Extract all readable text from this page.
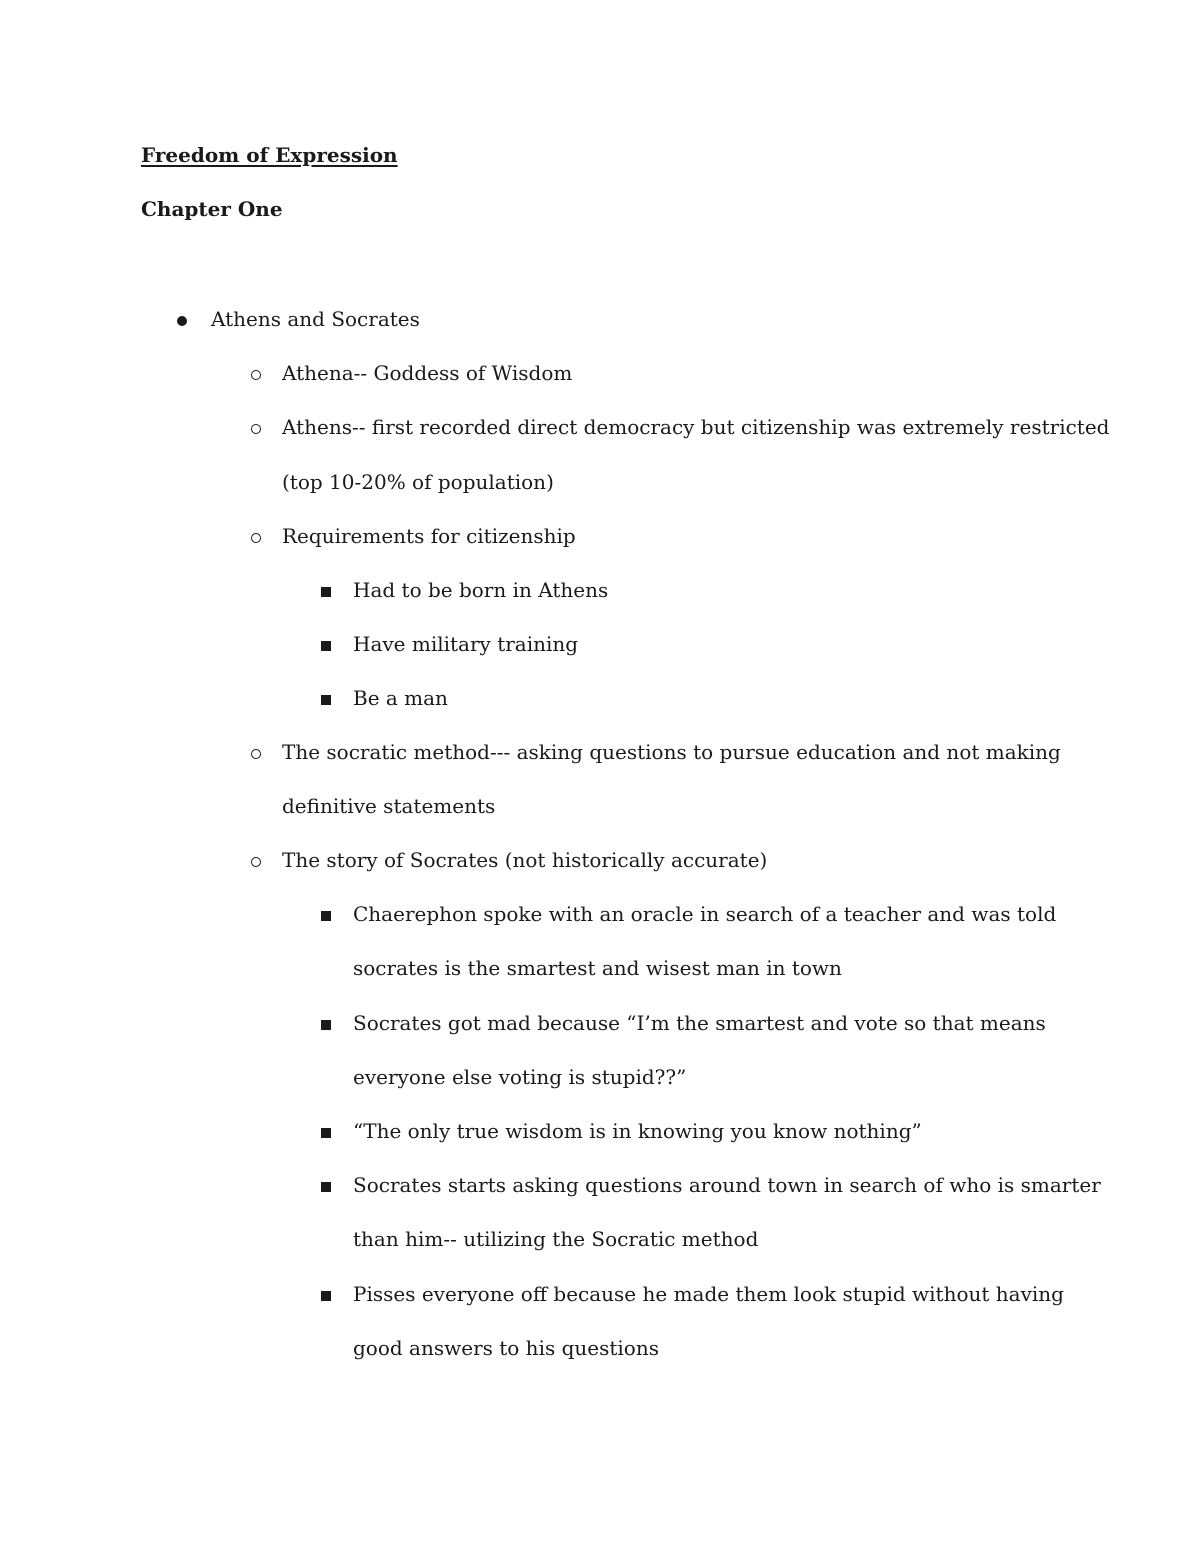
Freedom of Expression
Chapter One
Athens and Socrates
Athena-- Goddess of Wisdom
Athens-- first recorded direct democracy but citizenship was extremely restricted
(top 10-20% of population)
Requirements for citizenship
Had to be born in Athens
Have military training
Be a man
The socratic method--- asking questions to pursue education and not making
definitive statements
The story of Socrates (not historically accurate)
Chaerephon spoke with an oracle in search of a teacher and was told
socrates is the smartest and wisest man in town
Socrates got mad because “I’m the smartest and vote so that means
everyone else voting is stupid??”
“The only true wisdom is in knowing you know nothing”
Socrates starts asking questions around town in search of who is smarter
than him-- utilizing the Socratic method
Pisses everyone off because he made them look stupid without having
good answers to his questions
